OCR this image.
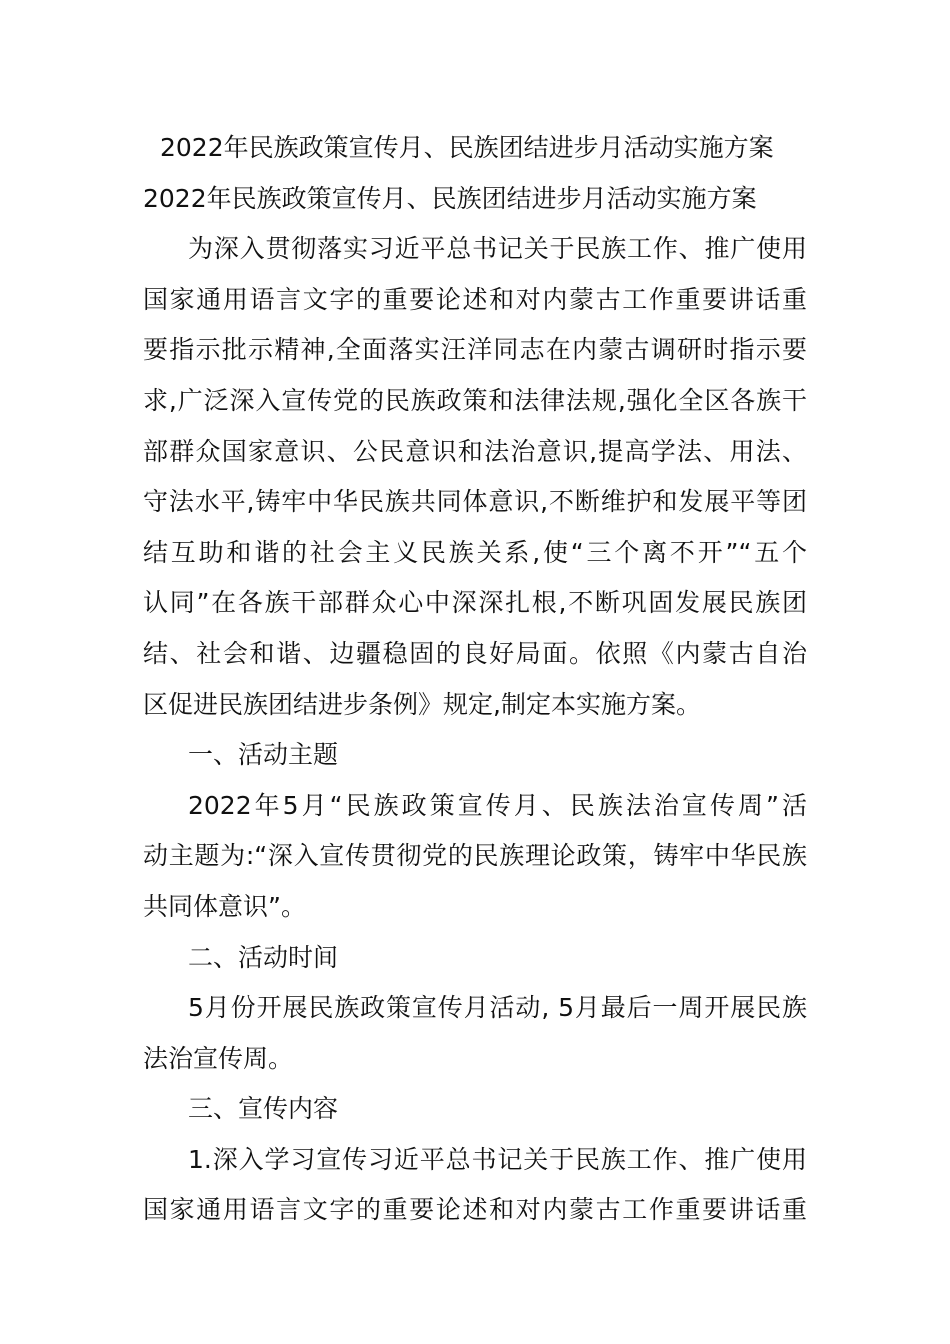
2022年民族政策宣传月、民族团结进步月活动实施方案
2022年民族政策宣传月、民族团结进步月活动实施方案
为深入贯彻落实习近平总书记关于民族工作、推广使用
国家通用语言文字的重要论述和对内蒙古工作重要讲话重
要指示批示精神,全面落实汪洋同志在内蒙古调研时指示要
求,广泛深入宣传党的民族政策和法律法规,强化全区各族干
部群众国家意识、公民意识和法治意识,提高学法、用法、
守法水平,铸牢中华民族共同体意识,不断维护和发展平等团
结互助和谐的社会主义民族关系,使“三个离不开”“五个
认同”在各族干部群众心中深深扎根,不断巩固发展民族团
结、社会和谐、边疆稳固的良好局面。依照《内蒙古自治
区促进民族团结进步条例》规定,制定本实施方案。
一、活动主题
2022年5月“民族政策宣传月、民族法治宣传周”活
动主题为:“深入宣传贯彻党的民族理论政策，铸牢中华民族
共同体意识”。
二、活动时间
5月份开展民族政策宣传月活动, 5月最后一周开展民族
法治宣传周。
三、宣传内容
1.深入学习宣传习近平总书记关于民族工作、推广使用
国家通用语言文字的重要论述和对内蒙古工作重要讲话重
